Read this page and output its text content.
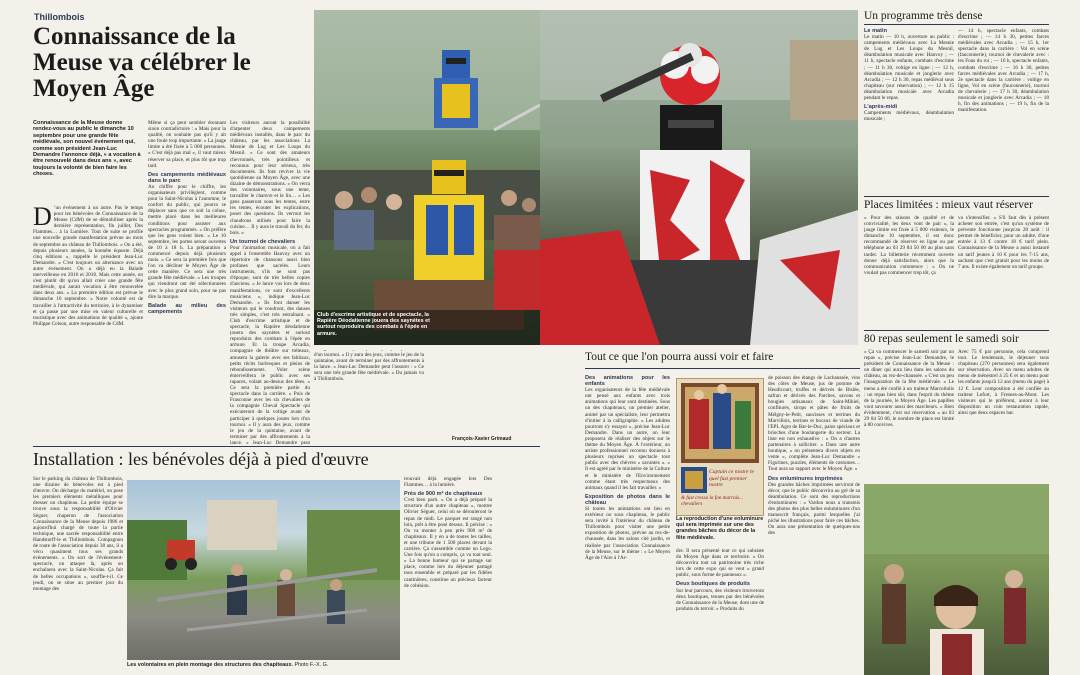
Thillombois
Connaissance de la Meuse va célébrer le Moyen Âge
Connaissance de la Meuse donne rendez-vous au public le dimanche 10 septembre pour une grande fête médiévale, son nouvel événement qui, comme son président Jean-Luc Demandre l'annonce déjà, « a vocation à être renouvelé dans deux ans », avec toujours la volonté de bien faire les choses.
D ’un événement à un autre. Pas le temps pour les bénévoles de Connaissance de la Meuse (CdM) de se démobiliser après la dernière représentation, fin juillet, Des Flammes… à la Lumière. Tout de suite se profile une nouvelle grande manifestation prévue au mois de septembre au château de Thillombois. « On a été, depuis plusieurs années, la honnête éqauste. Déjà cinq éditions », rappelle le président Jean-Luc Demandre. « C'est toujours un alternance avec un autre événement. On a déjà eu la Balade merveilleuse en 2016 et 2018. Mais cette année, on s'est plutôt dit qu'on allait créer une grande fête médiévale, qui aurait vocation à être renouvelée dans deux ans. » La première édition est prévue le dimanche 10 septembre. « Notre volonté est de travailler à l'attractivité du territoire, à le dynamiser et ça passe par une mise en valeur culturelle et touristique avec des animations de qualité », ajoute Philippe Colson, autre responsable de CdM.

Même si ça peut sembler étonnant sinon contradictoire : « Mais pour la qualité, on souhaite pas qu'il y ait une foule trop importante. » La jauge limite a été fixée à 5 000 personnes. « C'est déjà pas mal », il vaut mieux réserver sa place, et plus tôt que trop tard.

Des campements médiévaux dans le parc

Au chiffre pour le chiffre, les organisateurs privilégient, comme pour la Saint-Nicolas à l'automne, le confort du public, qui pourra se déplacer sans que ce soit la cohue, mettre placé dans les meilleures conditions pour assister aux spectacles programmés. « On préfère que les gens voient bien. » Le 10 septembre, les portes seront ouvertes de 10 à 18 h. La préparation a commencé depuis déjà plusieurs mois. « Ce sera la première fois que l'on va décliner le Moyen Âge de cette manière. Ce sera une très grande fête médiévale. » Les troupes qui viendront ont été sélectionnées avec le plus grand soin, pour ne pas dire la marque.

Balade au milieu des campements

Les visiteurs auront la possibilité d'arpenter deux campements médiévaux installés, dans le parc du château, par les associations La Mesnie de Lug et Les Loups du Mesnil. « Ce sont des amateurs chevronnés, très pointilleux et reconnus pour leur sérieux, très documentés. Ils font revivre la vie quotidienne au Moyen Âge, avec une dizaine de démonstrations. » On verra des volontaires, sous une tente, travailler le chanvre et le lin… « Les gens passeront sous les tentes, entre les tentes, écouter les explications, poser des questions. Ils verront les chaudrons utilisés pour faire la cuisine… Il y aura le travail du fer, du bois. »

Un tournoi de chevaliers

Pour l'animation musicale, on a fait appel à l'ensemble Hauvoy avec un répertoire de chansons aussi bien profanes que sacrées. Leurs instruments, s'ils ne sont pas d'époque, sont de très belles copies d'anciens. « Je lance vos lors de deux manifestations, ce sont d'excellents musiciens », indique Jean-Luc Demandre. « Ils font danser les visiteurs qui le voudront, des danses très simples, c'est très entraînant. » Club d'escrime artistique et de spectacle, la Rapière déodatienne jouera des saynètes et surtout reproduira des combats à l'épée en armure. Et la troupe Arcadia, compagnie de théâtre sur tréteaux, amusera la galerie avec ses fabliaux, petits récits burlesques et pleins de rebondissements. Voler scène émerveillera le public avec ses rapaces, volant au-dessus des têtes. « Ce sera la première partie du spectacle dans la carrière. » Puis de Frasconne avec les six chevaliers de la compagnie Cheval Spectacle qui exécuteront de la voltige avant de participer à quelques joutes lors d'un tournoi. « Il y aura des jeux, comme le jeu de la quintaine, avant de terminer par des affrontements à la lance. » Jean-Luc Demandre peut

Club d'escrime artistique et de spectacle, la Rapière Déodatienne jouera des saynètes et surtout reproduira des combats à l'épée en armure.

d'un tournoi. « Il y aura des jeux, comme le jeu de la quintaine, avant de terminer par des affrontements à la lance. » Jean-Luc Demandre peut l'assurer : « Ce sera une très grande fête médiévale. » Du jamais vu à Thillombois.

François-Xavier Grimaud
Installation : les bénévoles déjà à pied d'œuvre

Sur le parking du château de Thillombois, une dizaine de bénévoles est à pied d'œuvre. On décharge du matériel, on pose les premiers éléments métalliques pour dresser un chapiteau. La petite équipe se trouve sous la responsabilité d'Olivier Séguer, chaperon de l'association Connaissance de la Meuse depuis 1986 et aujourd'hui chargé de toute la partie technique, une sacrée responsabilité entre Handstorff-le et Thillombois. Compagnon de route de l'association depuis 38 ans, il a vécu quasiment tous ses grands événements. « On sort de l'événement-spectacle, on attaque là, après on enchaînera avec la Saint-Nicolas. Ça fait de belles occupations », souffle-t-il. Ce jeudi, on se situe au premier jour du montage des

Les volontaires en plein montage des structures des chapiteaux. Photo F.-X. G.

trouvait déjà engagée lors Des Flammes… à la lumière.

Près de 900 m² de chapiteaux

C'est bien parti. « On a déjà préparé la structure d'un autre chapiteau », montre Olivier Séguer, celui où se dérouleront le repas de midi. Le parquet est rangé non loin, prêt à être posé dessus. Il précise : « On va monter à peu près 900 m² de chapiteaux. Il y en a de toutes les tailles, et une tribune de 1 500 places devant la carrière. Ça s'assemble comme un Lego. Une fois qu'on a compris, ça va tout seul. » La bonne humeur qui se partage sur place, comme lors du déjeuner partagé tous ensemble et préparé par les fidèles cantinières, constitue un précieux facteur de cohésion.

Un programme très dense
Le matin

Le matin — 10 h, ouverture au public : campements médiévaux avec La Mesnie de Lug et Les Loups du Mesnil, déambulation musicale avec Hauvoy ; — 11 h, spectacle enfants, combats d'escrime ; — 11 h 30, voltige en ligne ; — 12 h, déambulation musicale et jonglerie avec Arcadia ; — 12 h 30, repas médiéval sous chapiteau (sur réservation) ; — 12 h 15 déambulation musicale avec Arcadia pendant le repas.

L'après-midi

Campements médiévaux, déambulation musicale ;

— 14 h, spectacle enfants, combats d'escrime ; — 14 h 30, petites farces médiévales avec Arcadia ; — 15 h, 1er spectacle dans la carrière : Vol en scène (fauconnerie), tournoi de chevalerie avec : les Fous du roi ; — 16 h, spectacle enfants, combats d'escrime ; — 16 h 30, petites farces médiévales avec Arcadia ; — 17 h, 2e spectacle dans la carrière : voltige en ligne, Vol en scène (fauconnerie), tournoi de chevalerie ; — 17 h 30, déambulation musicale et jonglerie avec Arcadia ; — 18 h, fin des animations ; — 19 h, fin de la manifestation.

Places limitées : mieux vaut réserver

« Pour des raisons de qualité et de convivialité, les deux vont de pair », la jauge limite est fixée à 5 000 visiteurs, le dimanche 10 septembre, il est donc recommandé de réserver en ligne ou par téléphone au 03 29 84 50 00 au plus sans tarder. La billetterie récemment ouverte donne déjà satisfaction, alors que la communication commence : « On ne voulait pas commencer trop tôt, ça

va s'intensifier. » S'il faut dès à présent acheter son entrée, c'est qu'un système de prévente fonctionne jusqu'au 28 août : il permet de bénéficier, pour un adulte, d'une entrée à 13 € contre 18 € tarif plein. Connaissance de la Meuse a aussi instauré un tarif jeunes à 10 € pour les 7-15 ans, sachant que c'est gratuit pour les moins de 7 ans. Il existe également un tarif groupe.

80 repas seulement le samedi soir

« Ça va commencer le samedi soir par un repas », précise Jean-Luc Demandre, le président de Connaissance de la Meuse : un dîner qui aura lieu dans les salons du château, au rez-de-chaussée. « C'est un peu l'inauguration de la fête médiévale. » Le menu a été confié à un traiteur Marcoltulis : un repas bien sûr, dans l'esprit du thème de la journée, le Moyen Âge. Les papilles vont savourer aussi des marcheurs. « Bien évidemment, c'est sur réservation » au 03 29 84 50 00, le nombre de place est limité à 80 convives.

Avec 75 € par personne, cela comprend tout. Le lendemain, le déjeuner sous chapiteau (270 personnes) sera également sur réservation. Avec un menu adultes de menu de ménestrel à 25 € et un menu pour les enfants jusqu'à 12 ans (menu du page) à 12 €. Leur composition a été confiée au traiteur Lefort, à Fresnes-au-Mont. Les visiteurs qui le préfèrent, auront à leur disposition un coin restauration rapide, ainsi que deux espaces bar.

Tout ce que l'on pourra aussi voir et faire
Des animations pour les enfants

Les organisateurs de la fête médiévale ont pensé aux enfants avec trois animations qui leur sont destinées. Sous un des chapiteaux, un premier atelier, animé par un spécialiste, leur permettra d'initier à la calligraphie. « Les adultes pourront s'y essayer », précise Jean-Luc Demandre. Dans un autre, on leur proposera de réaliser des objets sur le thème du Moyen Âge. À l'extérieur, un artiste professionnel reconnu donnera à plusieurs reprises un spectacle tout public avec des chèvres « savantes ». « Il est agréé par le ministère de la Culture et le ministère de l'Environnement comme étant très respectueux des animaux quand il les fait travailler. »

Exposition de photos dans le château

Si toutes les animations ont lieu en extérieur ou sous chapiteau, le public sera invité à l'intérieur du château de Thillombois pour visiter une petite exposition de photos, prévue au rez-de-chaussée, dans les salons cité jardin, et réalisée par l'association Connaissance de la Meuse, sur le thème : « Le Moyen Âge de l'Aire à l'Ar-

Captain ce nostre le quel fust premier nostre
& fust cressa la fon marrais... chevaliers
La reproduction d'une enluminure qui sera imprimée sur une des grandes bâches du décor de la fête médiévale.

dre. Il sera présenté tout ce qui subsiste du Moyen Âge dans ce territoire. « On découvrira tout un patrimoine très riche lors de cette expo qui se veut « grand public, sous forme de panneaux ».

Deux boutiques de produits

Sur leur parcours, des visiteurs trouveront deux boutiques, tenues par des bénévoles de Connaissance de la Meuse, dont une de produits du terroir. « Produits du

de poisson des étangs de Lachaussée, vins des côtes de Meuse, jus de pomme de Heudicourt, truffes et dérivés de Bislée, safran et dérivés des Parches, savons et bougies artisanaux de Saint-Mihiel, confitures, sirops et pâtes de fruits de Mélgny-le-Petit, saucisses et terrines du Marvillois, terrines et bocaux de viande de l'EPL Agro de Bar-le-Duc, pains spéciaux et brioches d'une boulangerie du secteur. La liste est non exhaustive : « On a d'autres partenaires à solliciter. » Dans une autre boutique, « on présentera divers objets en vente », complète Jean-Luc Demandre « Figurines, puzzles, éléments de costumes… Tout aura un rapport avec le Moyen Âge. »

Des enluminures imprimées

Des grandes bâches imprimées serviront de décor, que le public découvrira au gré de sa déambulation. Ce sont des reproductions d'enluminures : « Vardun nous a transmis des photos des plus belles enluminures d'un manuscrit français, parmi lesquelles j'ai piché les illustrations pour faire ces bâches. On aura une présentation de quelques-uns des
